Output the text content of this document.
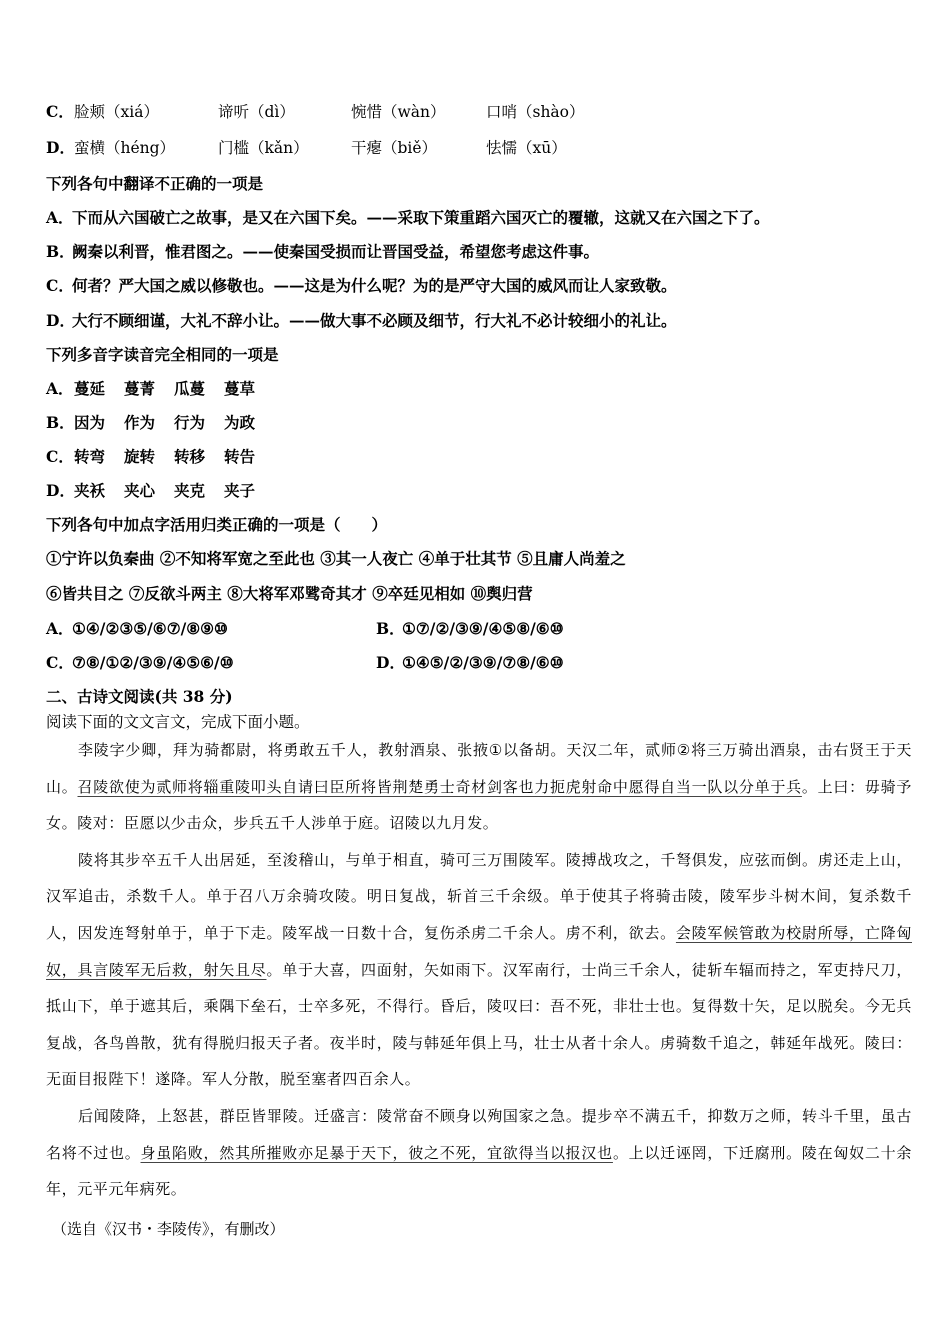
C． 脸颊（xiá）	谛听（dì）	惋惜（wàn）	口哨（shào）
D． 蛮横（héng）	门槛（kǎn）	干瘪（biě）	怯懦（xū）
下列各句中翻译不正确的一项是
A．下而从六国破亡之故事，是又在六国下矣。——采取下策重蹈六国灭亡的覆辙，这就又在六国之下了。
B．阙秦以利晋，惟君图之。——使秦国受损而让晋国受益，希望您考虑这件事。
C．何者？严大国之威以修敬也。——这是为什么呢？为的是严守大国的威风而让人家致敬。
D．大行不顾细谨，大礼不辞小让。——做大事不必顾及细节，行大礼不必计较细小的礼让。
下列多音字读音完全相同的一项是
A． 蔓延 蔓菁 瓜蔓 蔓草
B． 因为 作为 行为 为政
C． 转弯 旋转 转移 转告
D． 夹袄 夹心 夹克 夹子
下列各句中加点字活用归类正确的一项是（　　）
①宁许以负秦曲 ②不知将军宽之至此也 ③其一人夜亡 ④单于壮其节 ⑤且庸人尚羞之
⑥皆共目之 ⑦反欲斗两主 ⑧大将军邓骘奇其才 ⑨卒廷见相如 ⑩舆归营
A．①④/②③⑤/⑥⑦/⑧⑨⑩	B．①⑦/②/③⑨/④⑤⑧/⑥⑩
C．⑦⑧/①②/③⑨/④⑤⑥/⑩	D．①④⑤/②/③⑨/⑦⑧/⑥⑩
二、古诗文阅读(共 38 分)
阅读下面的文文言文，完成下面小题。

李陵字少卿，拜为骑都尉，将勇敢五千人，教射酒泉、张掖①以备胡。天汉二年，贰师②将三万骑出酒泉，击右贤王于天山。召陵欲使为贰师将辎重陵叩头自请曰臣所将皆荆楚勇士奇材剑客也力扼虎射命中愿得自当一队以分单于兵。上曰：毋骑予女。陵对：臣愿以少击众，步兵五千人涉单于庭。诏陵以九月发。

陵将其步卒五千人出居延，至浚稽山，与单于相直，骑可三万围陵军。陵搏战攻之，千弩俱发，应弦而倒。虏还走上山，汉军追击，杀数千人。单于召八万余骑攻陵。明日复战，斩首三千余级。单于使其子将骑击陵，陵军步斗树木间，复杀数千人，因发连弩射单于，单于下走。陵军战一日数十合，复伤杀虏二千余人。虏不利，欲去。会陵军候管敢为校尉所辱，亡降匈奴，具言陵军无后救，射矢且尽。单于大喜，四面射，矢如雨下。汉军南行，士尚三千余人，徒斩车辐而持之，军吏持尺刀，抵山下，单于遮其后，乘隅下垒石，士卒多死，不得行。昏后，陵叹曰：吾不死，非壮士也。复得数十矢，足以脱矣。今无兵复战，各鸟兽散，犹有得脱归报天子者。夜半时，陵与韩延年俱上马，壮士从者十余人。虏骑数千追之，韩延年战死。陵曰：无面目报陛下！遂降。军人分散，脱至塞者四百余人。

后闻陵降，上怒甚，群臣皆罪陵。迁盛言：陵常奋不顾身以殉国家之急。提步卒不满五千，抑数万之师，转斗千里，虽古名将不过也。身虽陷败，然其所摧败亦足暴于天下，彼之不死，宜欲得当以报汉也。上以迁诬罔，下迁腐刑。陵在匈奴二十余年，元平元年病死。

（选自《汉书・李陵传》，有删改）
